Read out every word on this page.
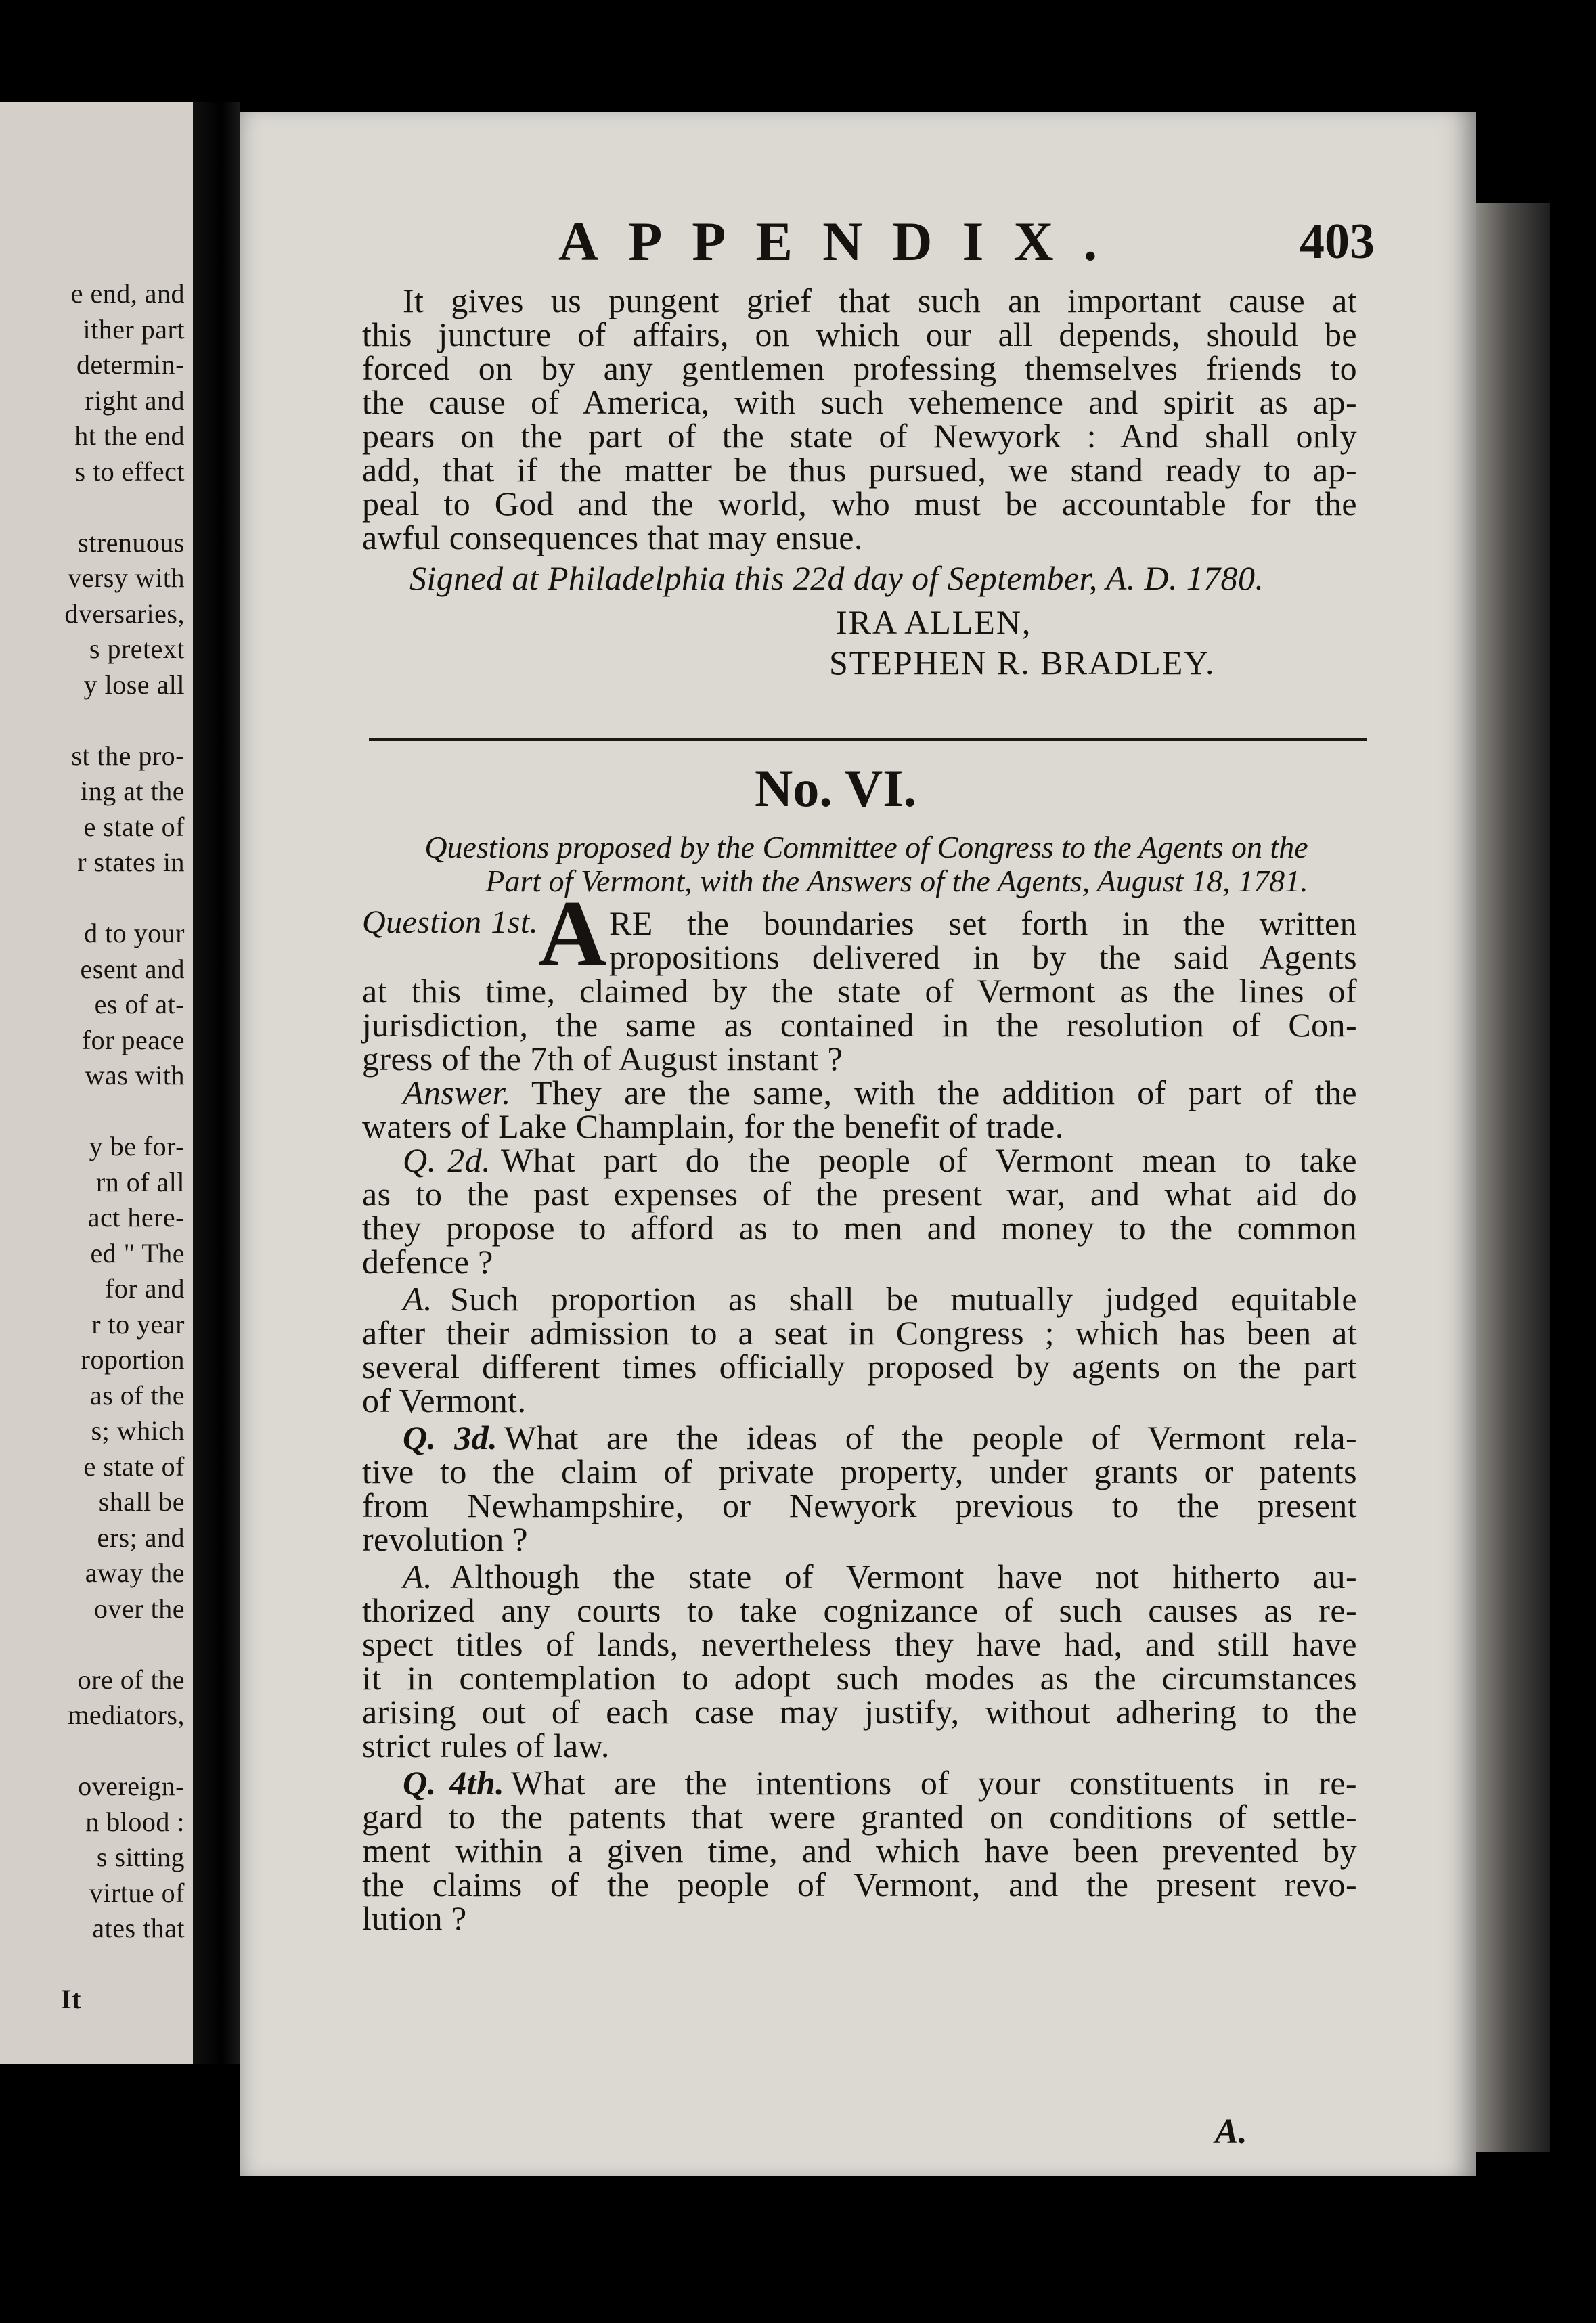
e end, and
ither part
determin-
right and
ht the end
s to effect
strenuous
versy with
dversaries,
s pretext
y lose all
st the pro-
ing at the
e state of
r states in
d to your
esent and
es of at-
for peace
was with
y be for-
rn of all
act here-
ed " The
for and
r to year
roportion
as of the
s; which
e state of
shall be
ers; and
away the
over the
ore of the
mediators,
overeign-
n blood :
s sitting
virtue of
ates that
It
APPENDIX.	403
It gives us pungent grief that such an important cause at
this juncture of affairs, on which our all depends, should be
forced on by any gentlemen professing themselves friends to
the cause of America, with such vehemence and spirit as ap-
pears on the part of the state of Newyork : And shall only
add, that if the matter be thus pursued, we stand ready to ap-
peal to God and the world, who must be accountable for the
awful consequences that may ensue.
Signed at Philadelphia this 22d day of September, A. D. 1780.
IRA ALLEN,
STEPHEN R. BRADLEY.
No. VI.
Questions proposed by the Committee of Congress to the Agents on the
Part of Vermont, with the Answers of the Agents, August 18, 1781.
Question 1st. A RE the boundaries set forth in the written
propositions delivered in by the said Agents
at this time, claimed by the state of Vermont as the lines of
jurisdiction, the same as contained in the resolution of Con-
gress of the 7th of August instant ?
Answer. They are the same, with the addition of part of the
waters of Lake Champlain, for the benefit of trade.
Q. 2d. What part do the people of Vermont mean to take
as to the past expenses of the present war, and what aid do
they propose to afford as to men and money to the common
defence ?
A. Such proportion as shall be mutually judged equitable
after their admission to a seat in Congress ; which has been at
several different times officially proposed by agents on the part
of Vermont.
Q. 3d. What are the ideas of the people of Vermont rela-
tive to the claim of private property, under grants or patents
from Newhampshire, or Newyork previous to the present
revolution ?
A. Although the state of Vermont have not hitherto au-
thorized any courts to take cognizance of such causes as re-
spect titles of lands, nevertheless they have had, and still have
it in contemplation to adopt such modes as the circumstances
arising out of each case may justify, without adhering to the
strict rules of law.
Q. 4th. What are the intentions of your constituents in re-
gard to the patents that were granted on conditions of settle-
ment within a given time, and which have been prevented by
the claims of the people of Vermont, and the present revo-
lution ?
A.
